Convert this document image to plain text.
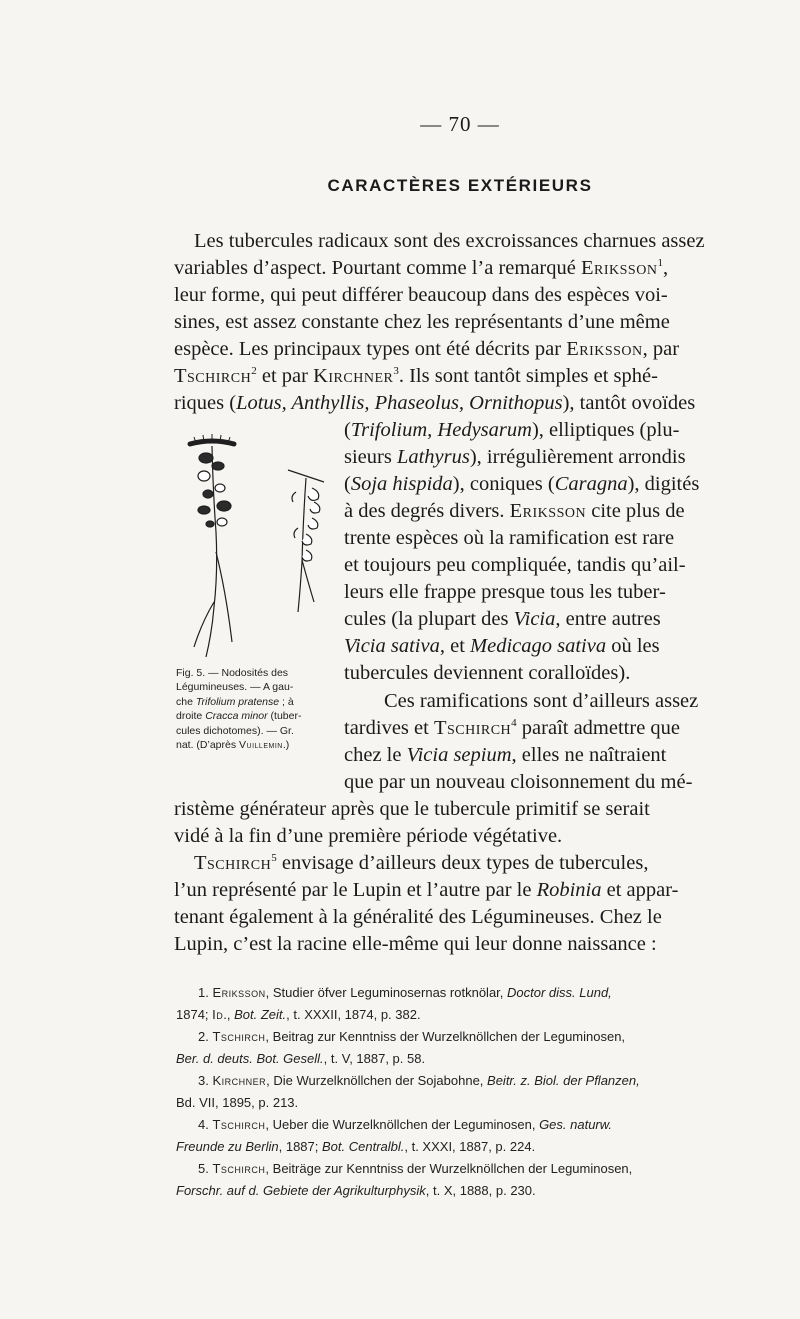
— 70 —
CARACTÈRES EXTÉRIEURS
Les tubercules radicaux sont des excroissances charnues assez
variables d’aspect. Pourtant comme l’a remarqué Eriksson$^1$,
leur forme, qui peut différer beaucoup dans des espèces voi-
sines, est assez constante chez les représentants d’une même
espèce. Les principaux types ont été décrits par Eriksson, par
Tschirch$^2$ et par Kirchner$^3$. Ils sont tantôt simples et sphé-
riques (Lotus, Anthyllis, Phaseolus, Ornithopus), tantôt ovoïdes
(Trifolium, Hedysarum), elliptiques (plu-
sieurs Lathyrus), irrégulièrement arrondis
(Soja hispida), coniques (Caragna), digités
à des degrés divers. Eriksson cite plus de
trente espèces où la ramification est rare
et toujours peu compliquée, tandis qu’ail-
leurs elle frappe presque tous les tuber-
cules (la plupart des Vicia, entre autres
Vicia sativa, et Medicago sativa où les
tubercules deviennent coralloïdes).
Ces ramifications sont d’ailleurs assez
tardives et Tschirch$^4$ paraît admettre que
chez le Vicia sepium, elles ne naîtraient
que par un nouveau cloisonnement du mé-
ristème générateur après que le tubercule primitif se serait
vidé à la fin d’une première période végétative.
Tschirch$^5$ envisage d’ailleurs deux types de tubercules,
l’un représenté par le Lupin et l’autre par le Robinia et appar-
tenant également à la généralité des Légumineuses. Chez le
Lupin, c’est la racine elle-même qui leur donne naissance :
Fig. 5. — Nodosités des
Légumineuses. — A gau-
che Trifolium pratense ; à
droite Cracca minor (tuber-
cules dichotomes). — Gr.
nat. (D’après Vuillemin.)
1. Eriksson, Studier öfver Leguminosernas rotknölar, Doctor diss. Lund,
1874; Id., Bot. Zeit., t. XXXII, 1874, p. 382.
2. Tschirch, Beitrag zur Kenntniss der Wurzelknöllchen der Leguminosen,
Ber. d. deuts. Bot. Gesell., t. V, 1887, p. 58.
3. Kirchner, Die Wurzelknöllchen der Sojabohne, Beitr. z. Biol. der Pflanzen,
Bd. VII, 1895, p. 213.
4. Tschirch, Ueber die Wurzelknöllchen der Leguminosen, Ges. naturw.
Freunde zu Berlin, 1887; Bot. Centralbl., t. XXXI, 1887, p. 224.
5. Tschirch, Beiträge zur Kenntniss der Wurzelknöllchen der Leguminosen,
Forschr. auf d. Gebiete der Agrikulturphysik, t. X, 1888, p. 230.
